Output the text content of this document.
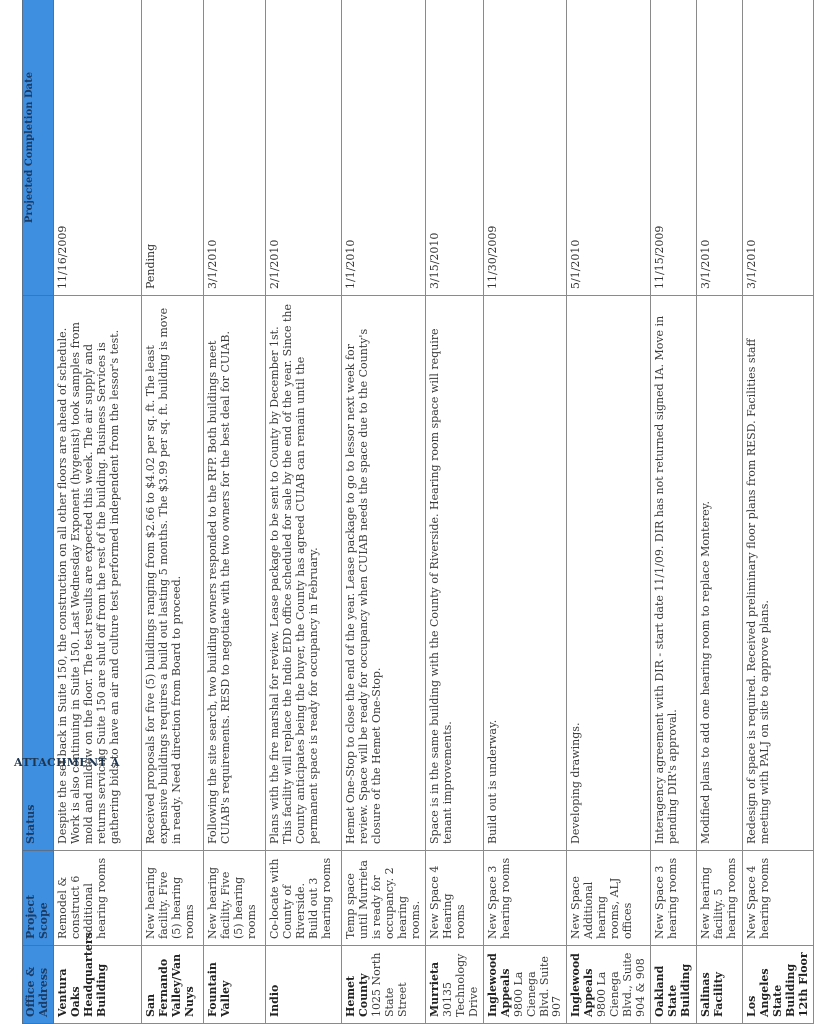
Office & Address	Project Scope	Status	Projected Completion Date

Ventura Oaks Headquarters Building	Remodel & construct 6 additional hearing rooms	Despite the set back in Suite 150, the construction on all other floors are ahead of schedule. Work is also continuing in Suite 150. Last Wednesday Exponent (hygenist) took samples from mold and mildew on the floor. The test results are expected this week. The air supply and returns servicing Suite 150 are shut off from the rest of the building. Business Services is gathering bids to have an air and culture test performed independent from the lessor's test.	11/16/2009

San Fernando Valley/Van Nuys	New hearing facility. Five (5) hearing rooms	Received proposals for five (5) buildings ranging from $2.66 to $4.02 per sq. ft. The least expensive buildings requires a build out lasting 5 months. The $3.99 per sq. ft. building is move in ready. Need direction from Board to proceed.	Pending

Fountain Valley	New hearing facility. Five (5) hearing rooms	Following the site search, two building owners responded to the RFP. Both buildings meet CUIAB's requirements. RESD to negotiate with the two owners for the best deal for CUIAB.	3/1/2010

Indio	Co-locate with County of Riverside. Build out 3 hearing rooms	Plans with the fire marshal for review. Lease package to be sent to County by December 1st. This facility will replace the Indio EDD office scheduled for sale by the end of the year. Since the County anticipates being the buyer, the County has agreed CUIAB can remain until the permanent space is ready for occupancy in February.	2/1/2010

Hemet County 1025 North State Street	Temp space until Murrieta is ready for occupancy. 2 hearing rooms.	Hemet One-Stop to close the end of the year. Lease package to go to lessor next week for review. Space will be ready for occupancy when CUIAB needs the space due to the County's closure of the Hemet One-Stop.	1/1/2010

Murrieta 30135 Technology Drive	New Space 4 Hearing rooms	Space is in the same building with the County of Riverside. Hearing room space will require tenant improvements.	3/15/2010

Inglewood Appeals 9800 La Cienega Blvd. Suite 907	New Space 3 hearing rooms	Build out is underway.	11/30/2009

Inglewood Appeals 9800 La Cienega Blvd., Suite 904 & 908	New Space Additional hearing rooms, ALJ offices	Developing drawings.	5/1/2010

Oakland State Building	New Space 3 hearing rooms	Interagency agreement with DIR - start date 11/1/09. DIR has not returned signed IA. Move in pending DIR's approval.	11/15/2009

Salinas Facility	New hearing facility. 5 hearing rooms	Modified plans to add one hearing room to replace Monterey.	3/1/2010

Los Angeles State Building 12th Floor	New Space 4 hearing rooms	Redesign of space is required. Received preliminary floor plans from RESD. Facilities staff meeting with PALJ on site to approve plans.	3/1/2010
ATTACHMENT A
